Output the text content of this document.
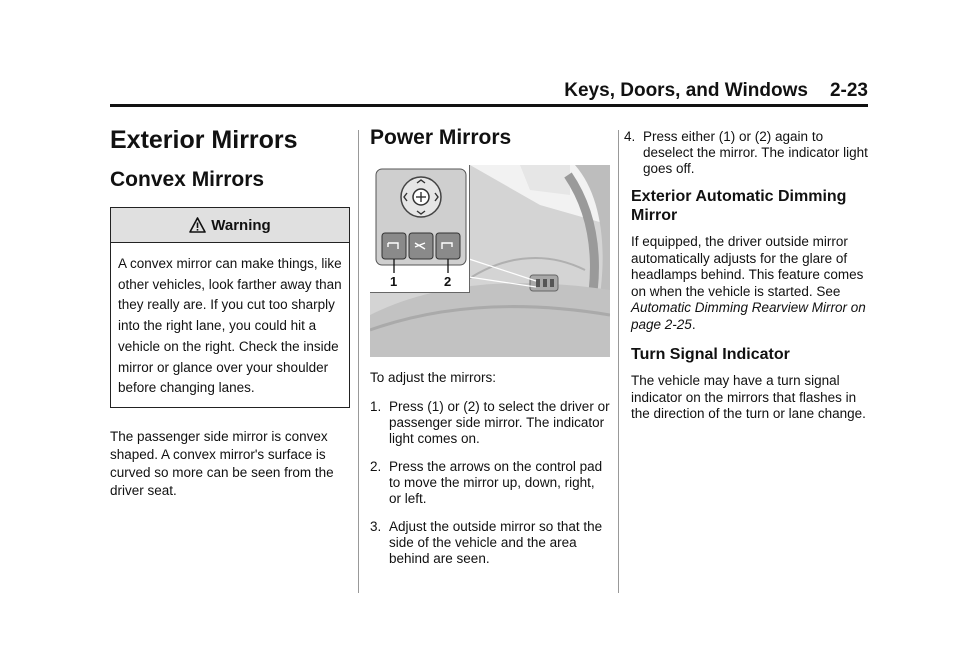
Keys, Doors, and Windows 2-23
Exterior Mirrors
Convex Mirrors
Warning
A convex mirror can make things, like other vehicles, look farther away than they really are. If you cut too sharply into the right lane, you could hit a vehicle on the right. Check the inside mirror or glance over your shoulder before changing lanes.

The passenger side mirror is convex shaped. A convex mirror's surface is curved so more can be seen from the driver seat.

Power Mirrors
1	2

To adjust the mirrors:

1. Press (1) or (2) to select the driver or passenger side mirror. The indicator light comes on.
2. Press the arrows on the control pad to move the mirror up, down, right, or left.
3. Adjust the outside mirror so that the side of the vehicle and the area behind are seen.
4. Press either (1) or (2) again to deselect the mirror. The indicator light goes off.
Exterior Automatic Dimming Mirror

If equipped, the driver outside mirror automatically adjusts for the glare of headlamps behind. This feature comes on when the vehicle is started. See Automatic Dimming Rearview Mirror on page 2-25.

Turn Signal Indicator

The vehicle may have a turn signal indicator on the mirrors that flashes in the direction of the turn or lane change.
